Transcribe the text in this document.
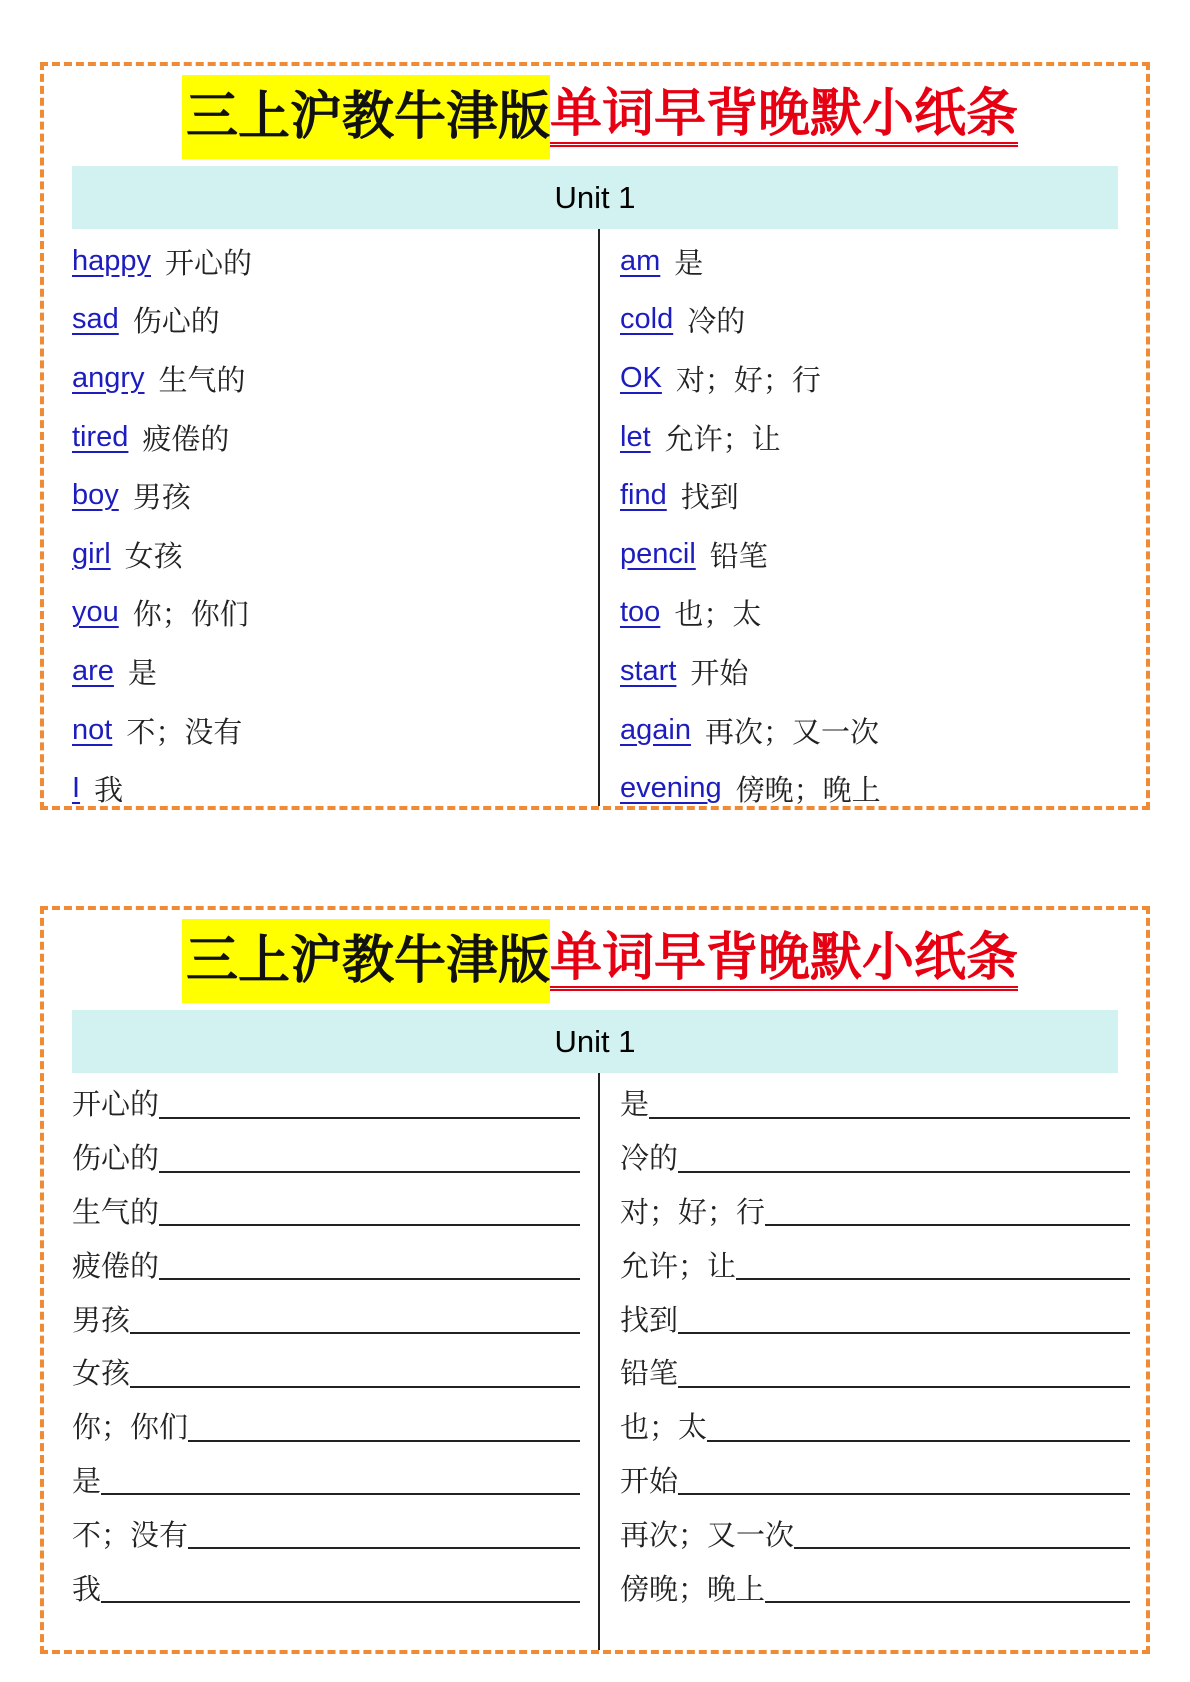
三上沪教牛津版 单词早背晚默小纸条
Unit 1
happy 开心的
sad 伤心的
angry 生气的
tired 疲倦的
boy 男孩
girl 女孩
you 你；你们
are 是
not 不；没有
I 我
am 是
cold 冷的
OK 对；好；行
let 允许；让
find 找到
pencil 铅笔
too 也；太
start 开始
again 再次；又一次
evening 傍晚；晚上
三上沪教牛津版 单词早背晚默小纸条
Unit 1
开心的
伤心的
生气的
疲倦的
男孩
女孩
你；你们
是
不；没有
我
是
冷的
对；好；行
允许；让
找到
铅笔
也；太
开始
再次；又一次
傍晚；晚上
